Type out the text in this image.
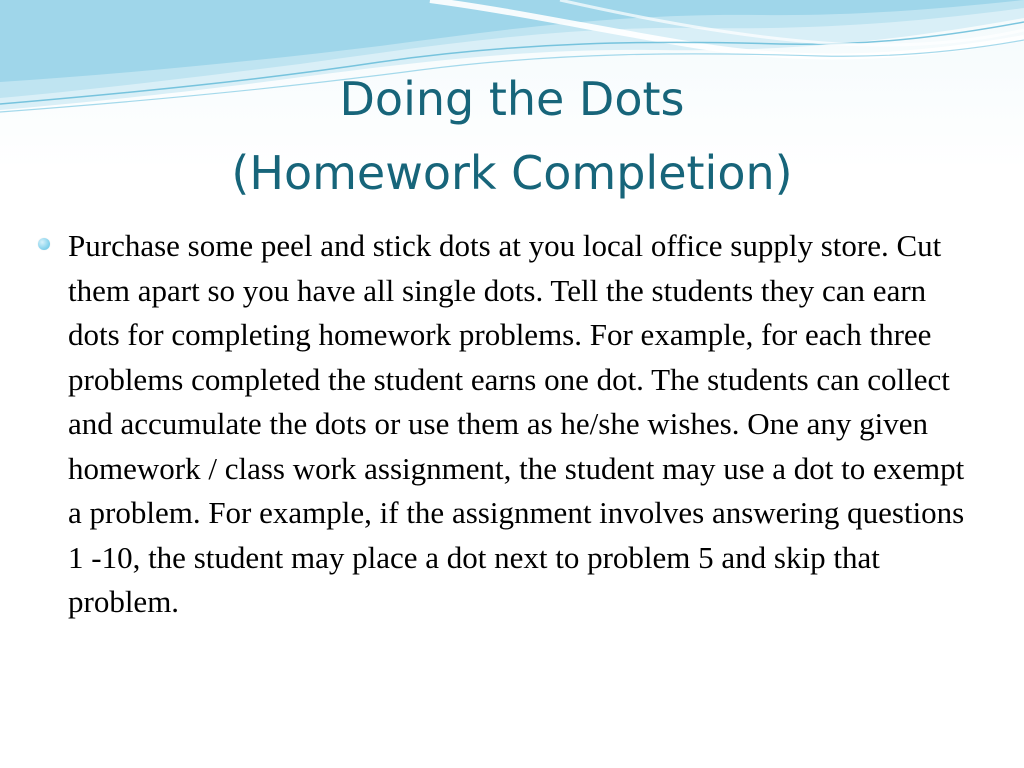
Doing the Dots
(Homework Completion)

Purchase some peel and stick dots at you local office supply store. Cut them apart so you have all single dots. Tell the students they can earn dots for completing homework problems. For example, for each three problems completed the student earns one dot. The students can collect and accumulate the dots or use them as he/she wishes. One any given homework / class work assignment, the student may use a dot to exempt a problem. For example, if the assignment involves answering questions 1 -10, the student may place a dot next to problem 5 and skip that problem.
